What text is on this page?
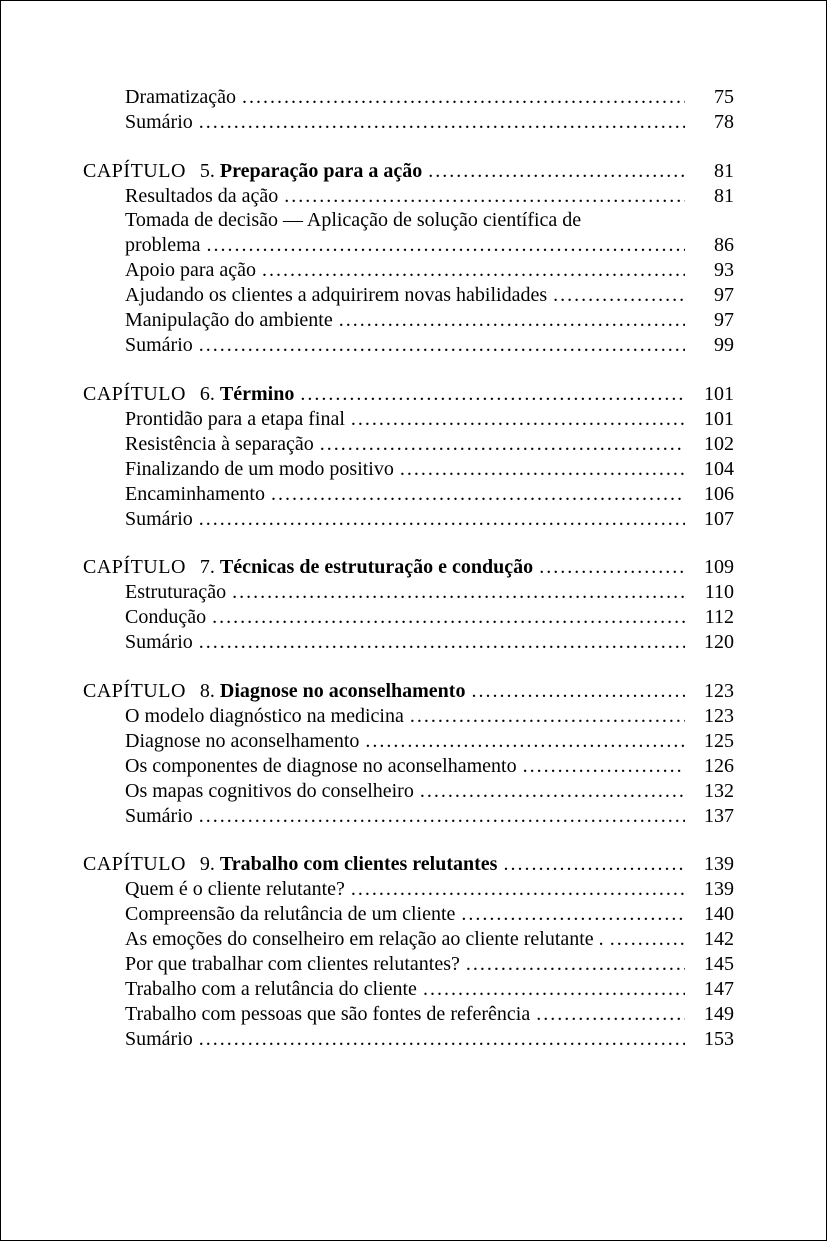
Dramatização .....	75
Sumário .....	78
CAPÍTULO 5. Preparação para a ação .....	81
Resultados da ação .....	81
Tomada de decisão — Aplicação de solução científica de
problema .....	86
Apoio para ação .....	93
Ajudando os clientes a adquirirem novas habilidades .....	97
Manipulação do ambiente .....	97
Sumário .....	99
CAPÍTULO 6. Término .....	101
Prontidão para a etapa final .....	101
Resistência à separação .....	102
Finalizando de um modo positivo .....	104
Encaminhamento .....	106
Sumário .....	107
CAPÍTULO 7. Técnicas de estruturação e condução .....	109
Estruturação .....	110
Condução .....	112
Sumário .....	120
CAPÍTULO 8. Diagnose no aconselhamento .....	123
O modelo diagnóstico na medicina .....	123
Diagnose no aconselhamento .....	125
Os componentes de diagnose no aconselhamento .....	126
Os mapas cognitivos do conselheiro .....	132
Sumário .....	137
CAPÍTULO 9. Trabalho com clientes relutantes .....	139
Quem é o cliente relutante? .....	139
Compreensão da relutância de um cliente .....	140
As emoções do conselheiro em relação ao cliente relutante . .....	142
Por que trabalhar com clientes relutantes? .....	145
Trabalho com a relutância do cliente .....	147
Trabalho com pessoas que são fontes de referência .....	149
Sumário .....	153
